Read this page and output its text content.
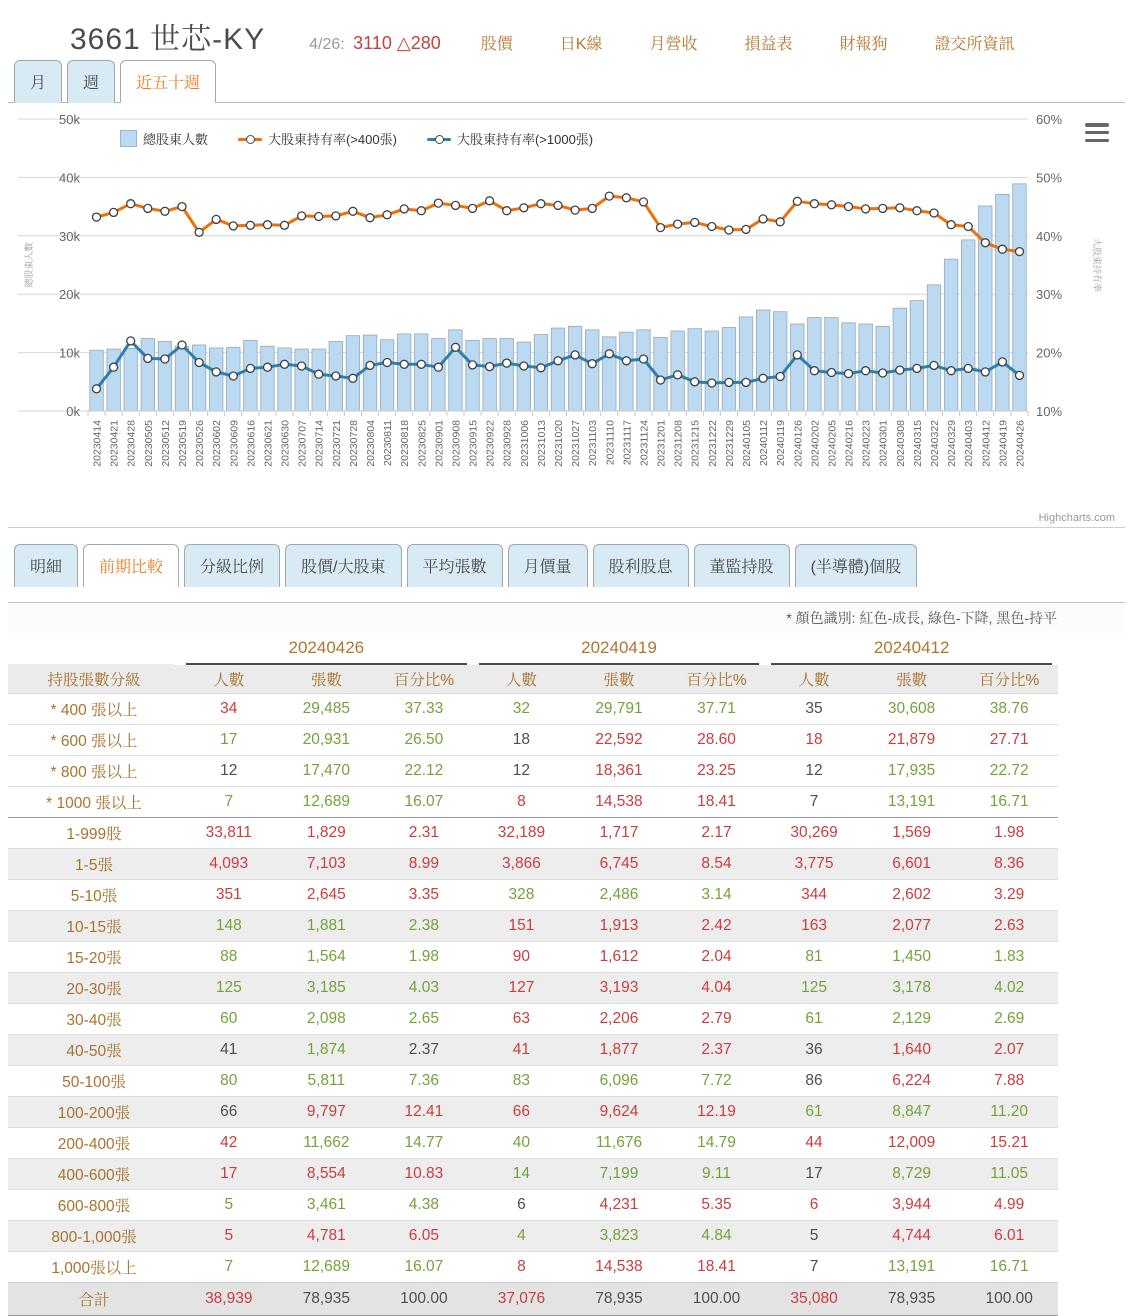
3661 世芯-KY	4/26: 3110 △280	股價	日K線	月營收	損益表	財報狗	證交所資訊
月	週	近五十週
0k	10%
10k	20%
20k	30%
30k	40%
40k	50%
50k	60%
總股東人數	大股東持有率
20230414 20230421 20230428 20230505 20230512 20230519 20230526 20230602 20230609 20230616 20230621 20230630 20230707 20230714 20230721 20230728 20230804 20230811 20230818 20230825 20230901 20230908 20230915 20230922 20230928 20231006 20231013 20231020 20231027 20231103 20231110 20231117 20231124 20231201 20231208 20231215 20231222 20231229 20240105 20240112 20240119 20240126 20240202 20240205 20240216 20240223 20240301 20240308 20240315 20240322 20240329 20240403 20240412 20240419 20240426
總股東人數	大股東持有率(>400張)	大股東持有率(>1000張)
Highcharts.com
明細	前期比較	分級比例	股價/大股東	平均張數	月價量	股利股息	董監持股	(半導體)個股
* 顏色識別: 紅色-成長, 綠色-下降, 黑色-持平
	20240426			20240419			20240412		
持股張數分級	人數	張數	百分比%	人數	張數	百分比%	人數	張數	百分比%
* 400 張以上	34	29,485	37.33	32	29,791	37.71	35	30,608	38.76
* 600 張以上	17	20,931	26.50	18	22,592	28.60	18	21,879	27.71
* 800 張以上	12	17,470	22.12	12	18,361	23.25	12	17,935	22.72
* 1000 張以上	7	12,689	16.07	8	14,538	18.41	7	13,191	16.71
1-999股	33,811	1,829	2.31	32,189	1,717	2.17	30,269	1,569	1.98
1-5張	4,093	7,103	8.99	3,866	6,745	8.54	3,775	6,601	8.36
5-10張	351	2,645	3.35	328	2,486	3.14	344	2,602	3.29
10-15張	148	1,881	2.38	151	1,913	2.42	163	2,077	2.63
15-20張	88	1,564	1.98	90	1,612	2.04	81	1,450	1.83
20-30張	125	3,185	4.03	127	3,193	4.04	125	3,178	4.02
30-40張	60	2,098	2.65	63	2,206	2.79	61	2,129	2.69
40-50張	41	1,874	2.37	41	1,877	2.37	36	1,640	2.07
50-100張	80	5,811	7.36	83	6,096	7.72	86	6,224	7.88
100-200張	66	9,797	12.41	66	9,624	12.19	61	8,847	11.20
200-400張	42	11,662	14.77	40	11,676	14.79	44	12,009	15.21
400-600張	17	8,554	10.83	14	7,199	9.11	17	8,729	11.05
600-800張	5	3,461	4.38	6	4,231	5.35	6	3,944	4.99
800-1,000張	5	4,781	6.05	4	3,823	4.84	5	4,744	6.01
1,000張以上	7	12,689	16.07	8	14,538	18.41	7	13,191	16.71
合計	38,939	78,935	100.00	37,076	78,935	100.00	35,080	78,935	100.00
